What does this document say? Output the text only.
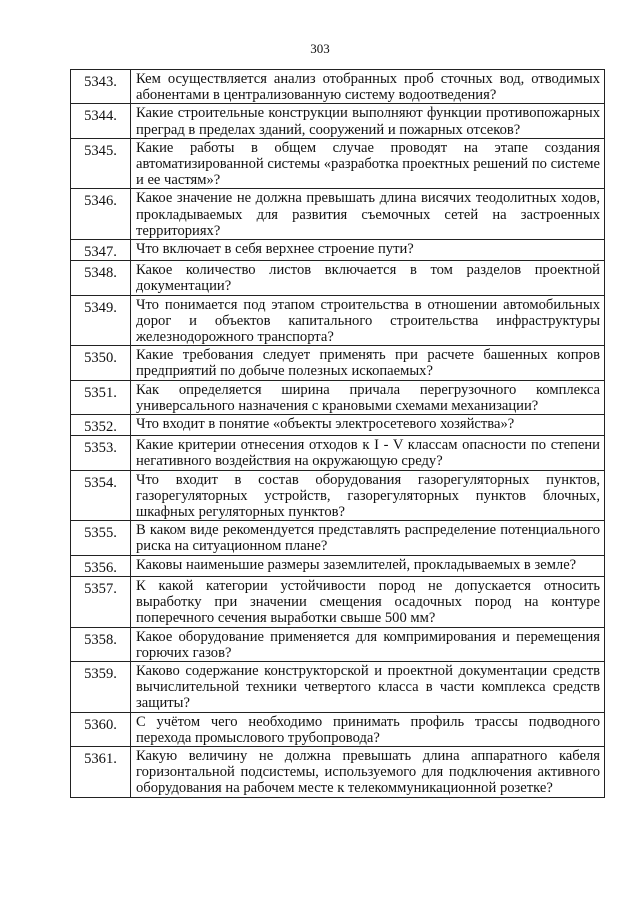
303
5343.	Кем осуществляется анализ отобранных проб сточных вод, отводимых абонентами в централизованную систему водоотведения?
5344.	Какие строительные конструкции выполняют функции противопожарных преград в пределах зданий, сооружений и пожарных отсеков?
5345.	Какие работы в общем случае проводят на этапе создания автоматизированной системы «разработка проектных решений по системе и ее частям»?
5346.	Какое значение не должна превышать длина висячих теодолитных ходов, прокладываемых для развития съемочных сетей на застроенных территориях?
5347.	Что включает в себя верхнее строение пути?
5348.	Какое количество листов включается в том разделов проектной документации?
5349.	Что понимается под этапом строительства в отношении автомобильных дорог и объектов капитального строительства инфраструктуры железнодорожного транспорта?
5350.	Какие требования следует применять при расчете башенных копров предприятий по добыче полезных ископаемых?
5351.	Как определяется ширина причала перегрузочного комплекса универсального назначения с крановыми схемами механизации?
5352.	Что входит в понятие «объекты электросетевого хозяйства»?
5353.	Какие критерии отнесения отходов к I - V классам опасности по степени негативного воздействия на окружающую среду?
5354.	Что входит в состав оборудования газорегуляторных пунктов, газорегуляторных устройств, газорегуляторных пунктов блочных, шкафных регуляторных пунктов?
5355.	В каком виде рекомендуется представлять распределение потенциального риска на ситуационном плане?
5356.	Каковы наименьшие размеры заземлителей, прокладываемых в земле?
5357.	К какой категории устойчивости пород не допускается относить выработку при значении смещения осадочных пород на контуре поперечного сечения выработки свыше 500 мм?
5358.	Какое оборудование применяется для компримирования и перемещения горючих газов?
5359.	Каково содержание конструкторской и проектной документации средств вычислительной техники четвертого класса в части комплекса средств защиты?
5360.	С учётом чего необходимо принимать профиль трассы подводного перехода промыслового трубопровода?
5361.	Какую величину не должна превышать длина аппаратного кабеля горизонтальной подсистемы, используемого для подключения активного оборудования на рабочем месте к телекоммуникационной розетке?
